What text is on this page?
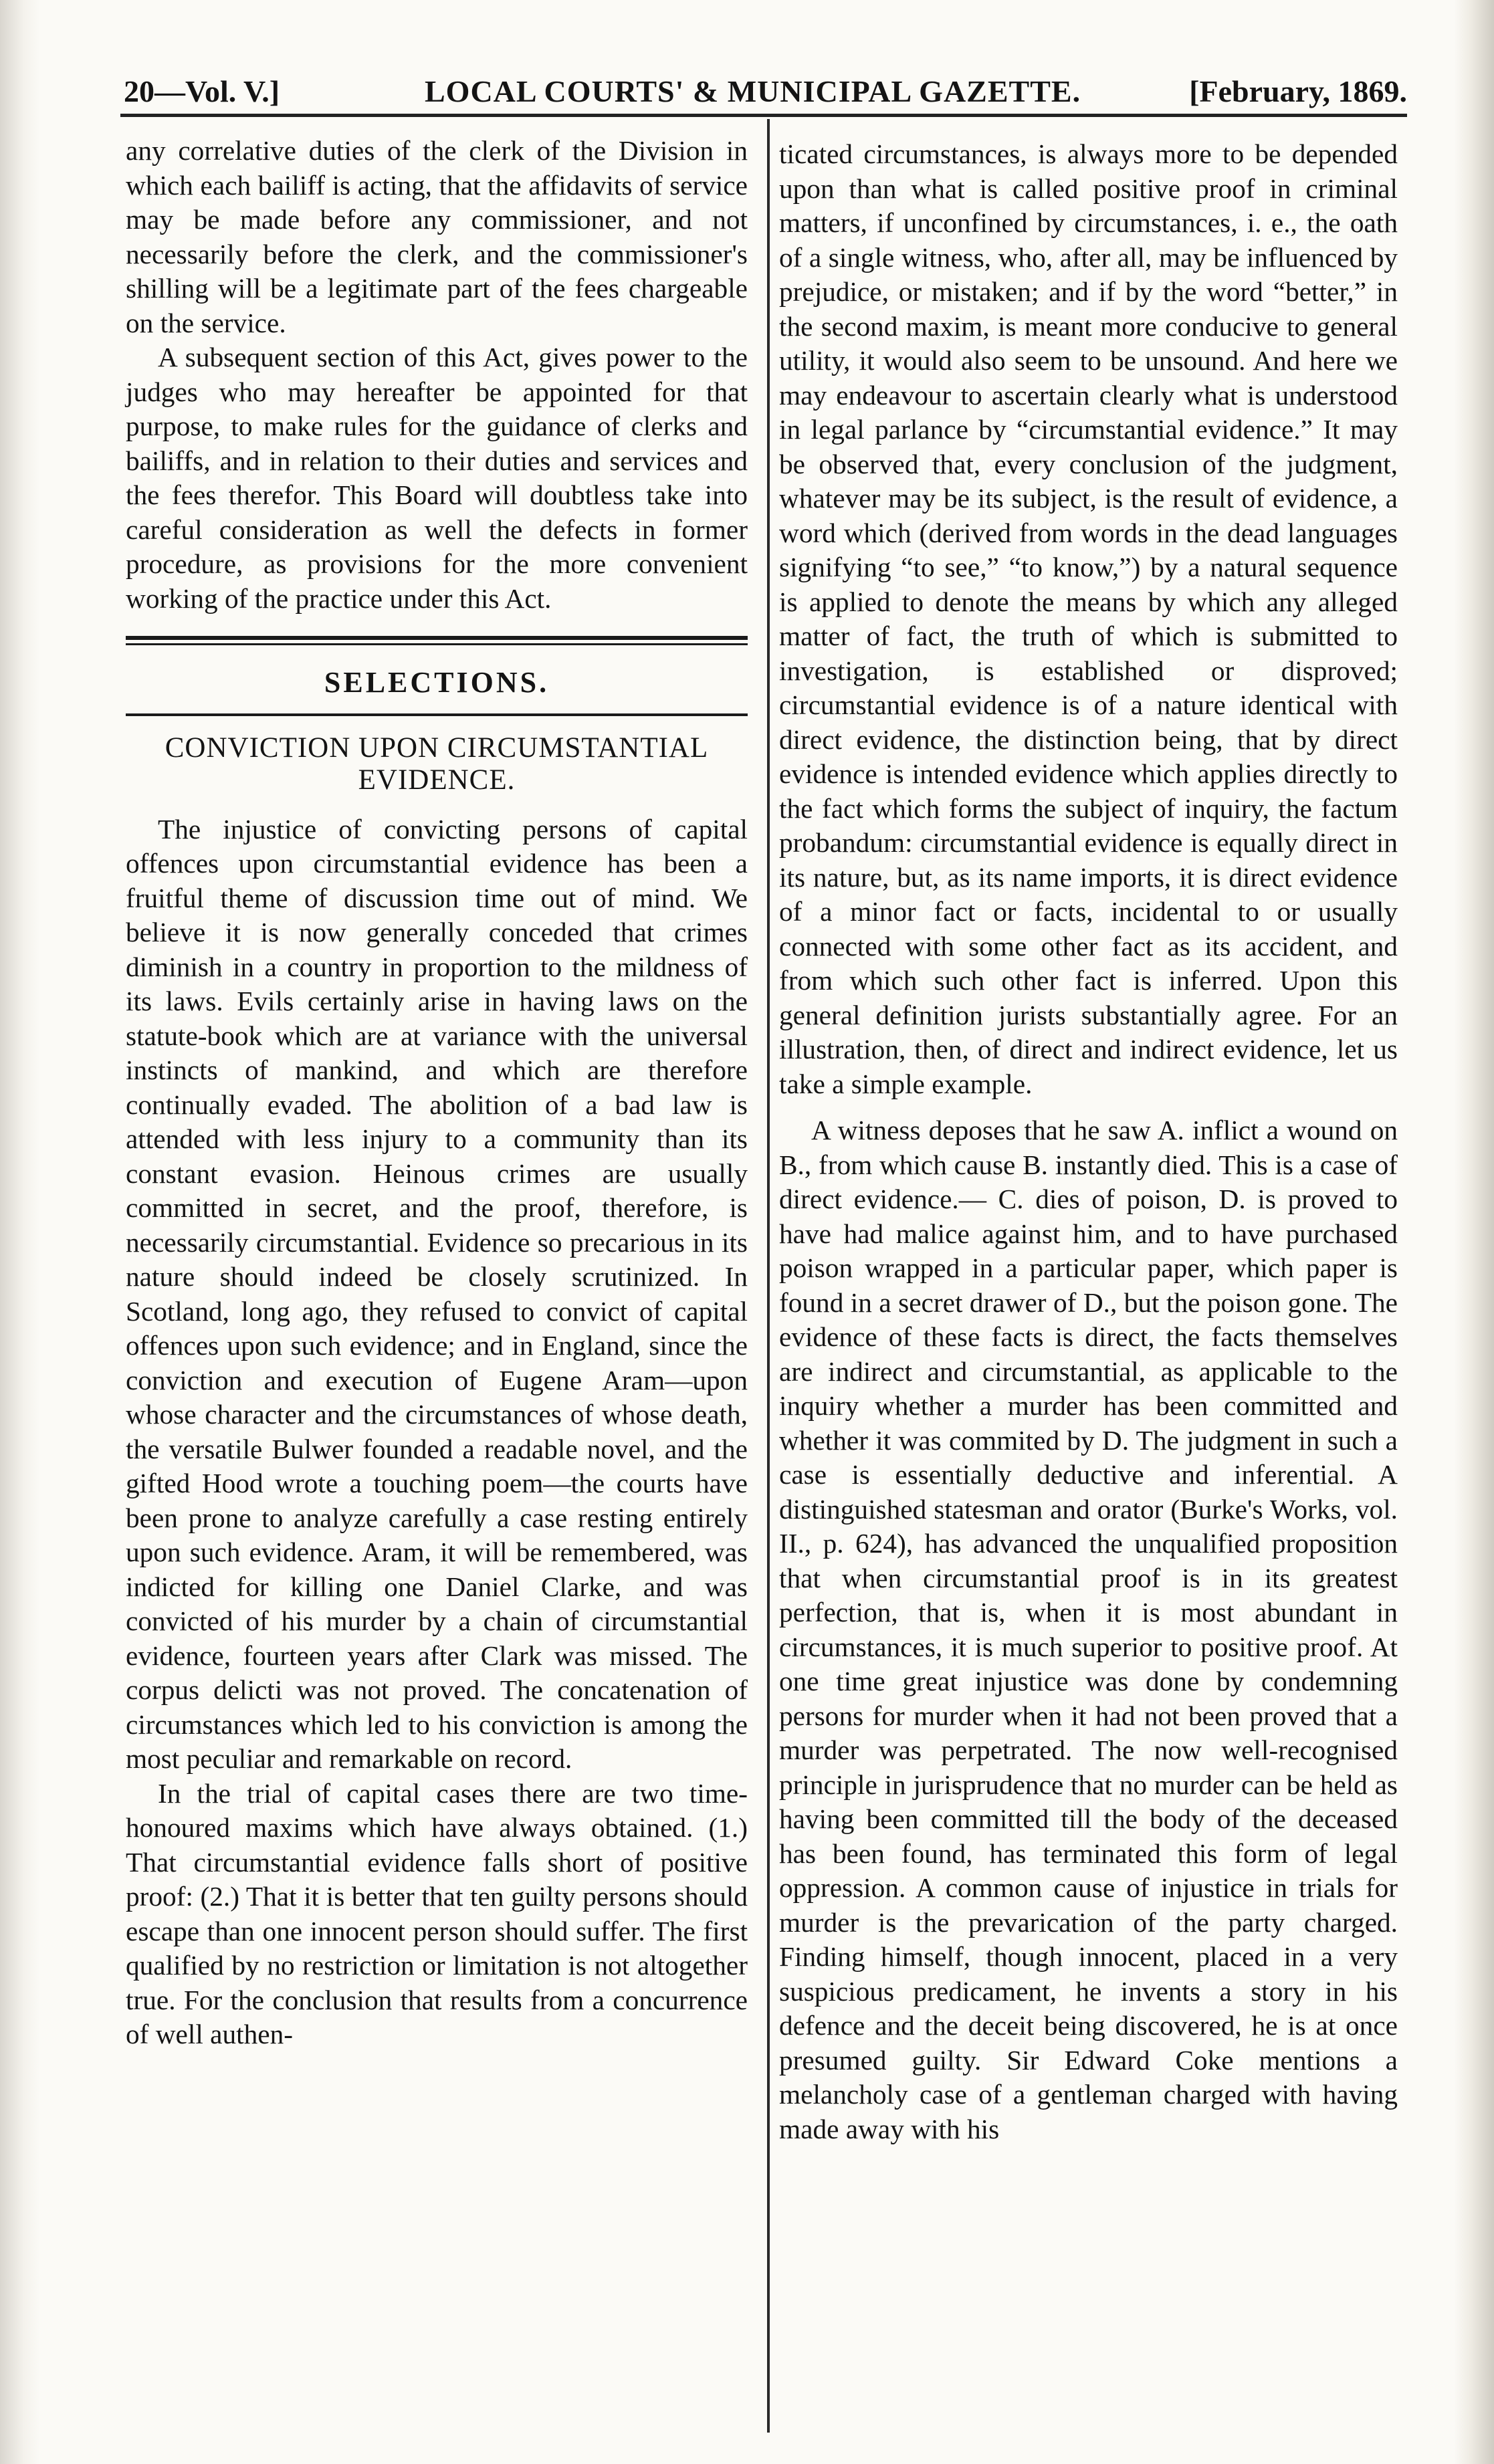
20—Vol. V.]	LOCAL COURTS' & MUNICIPAL GAZETTE.	[February, 1869.

any correlative duties of the clerk of the Division in which each bailiff is acting, that the affidavits of service may be made before any commissioner, and not necessarily before the clerk, and the commissioner's shilling will be a legitimate part of the fees chargeable on the service.

A subsequent section of this Act, gives power to the judges who may hereafter be appointed for that purpose, to make rules for the guidance of clerks and bailiffs, and in relation to their duties and services and the fees therefor. This Board will doubtless take into careful consideration as well the defects in former procedure, as provisions for the more convenient working of the practice under this Act.

SELECTIONS.
CONVICTION UPON CIRCUMSTANTIAL EVIDENCE.

The injustice of convicting persons of capital offences upon circumstantial evidence has been a fruitful theme of discussion time out of mind. We believe it is now generally conceded that crimes diminish in a country in proportion to the mildness of its laws. Evils certainly arise in having laws on the statute-book which are at variance with the universal instincts of mankind, and which are therefore continually evaded. The abolition of a bad law is attended with less injury to a community than its constant evasion. Heinous crimes are usually committed in secret, and the proof, therefore, is necessarily circumstantial. Evidence so precarious in its nature should indeed be closely scrutinized. In Scotland, long ago, they refused to convict of capital offences upon such evidence; and in England, since the conviction and execution of Eugene Aram—upon whose character and the circumstances of whose death, the versatile Bulwer founded a readable novel, and the gifted Hood wrote a touching poem—the courts have been prone to analyze carefully a case resting entirely upon such evidence. Aram, it will be remembered, was indicted for killing one Daniel Clarke, and was convicted of his murder by a chain of circumstantial evidence, fourteen years after Clark was missed. The corpus delicti was not proved. The concatenation of circumstances which led to his conviction is among the most peculiar and remarkable on record.

In the trial of capital cases there are two time-honoured maxims which have always obtained. (1.) That circumstantial evidence falls short of positive proof: (2.) That it is better that ten guilty persons should escape than one innocent person should suffer. The first qualified by no restriction or limitation is not altogether true. For the conclusion that results from a concurrence of well authen-

ticated circumstances, is always more to be depended upon than what is called positive proof in criminal matters, if unconfined by circumstances, i. e., the oath of a single witness, who, after all, may be influenced by prejudice, or mistaken; and if by the word “better,” in the second maxim, is meant more conducive to general utility, it would also seem to be unsound. And here we may endeavour to ascertain clearly what is understood in legal parlance by “circumstantial evidence.” It may be observed that, every conclusion of the judgment, whatever may be its subject, is the result of evidence, a word which (derived from words in the dead languages signifying “to see,” “to know,”) by a natural sequence is applied to denote the means by which any alleged matter of fact, the truth of which is submitted to investigation, is established or disproved; circumstantial evidence is of a nature identical with direct evidence, the distinction being, that by direct evidence is intended evidence which applies directly to the fact which forms the subject of inquiry, the factum probandum: circumstantial evidence is equally direct in its nature, but, as its name imports, it is direct evidence of a minor fact or facts, incidental to or usually connected with some other fact as its accident, and from which such other fact is inferred. Upon this general definition jurists substantially agree. For an illustration, then, of direct and indirect evidence, let us take a simple example.

A witness deposes that he saw A. inflict a wound on B., from which cause B. instantly died. This is a case of direct evidence.— C. dies of poison, D. is proved to have had malice against him, and to have purchased poison wrapped in a particular paper, which paper is found in a secret drawer of D., but the poison gone. The evidence of these facts is direct, the facts themselves are indirect and circumstantial, as applicable to the inquiry whether a murder has been committed and whether it was commited by D. The judgment in such a case is essentially deductive and inferential. A distinguished statesman and orator (Burke's Works, vol. II., p. 624), has advanced the unqualified proposition that when circumstantial proof is in its greatest perfection, that is, when it is most abundant in circumstances, it is much superior to positive proof. At one time great injustice was done by condemning persons for murder when it had not been proved that a murder was perpetrated. The now well-recognised principle in jurisprudence that no murder can be held as having been committed till the body of the deceased has been found, has terminated this form of legal oppression. A common cause of injustice in trials for murder is the prevarication of the party charged. Finding himself, though innocent, placed in a very suspicious predicament, he invents a story in his defence and the deceit being discovered, he is at once presumed guilty. Sir Edward Coke mentions a melancholy case of a gentleman charged with having made away with his
